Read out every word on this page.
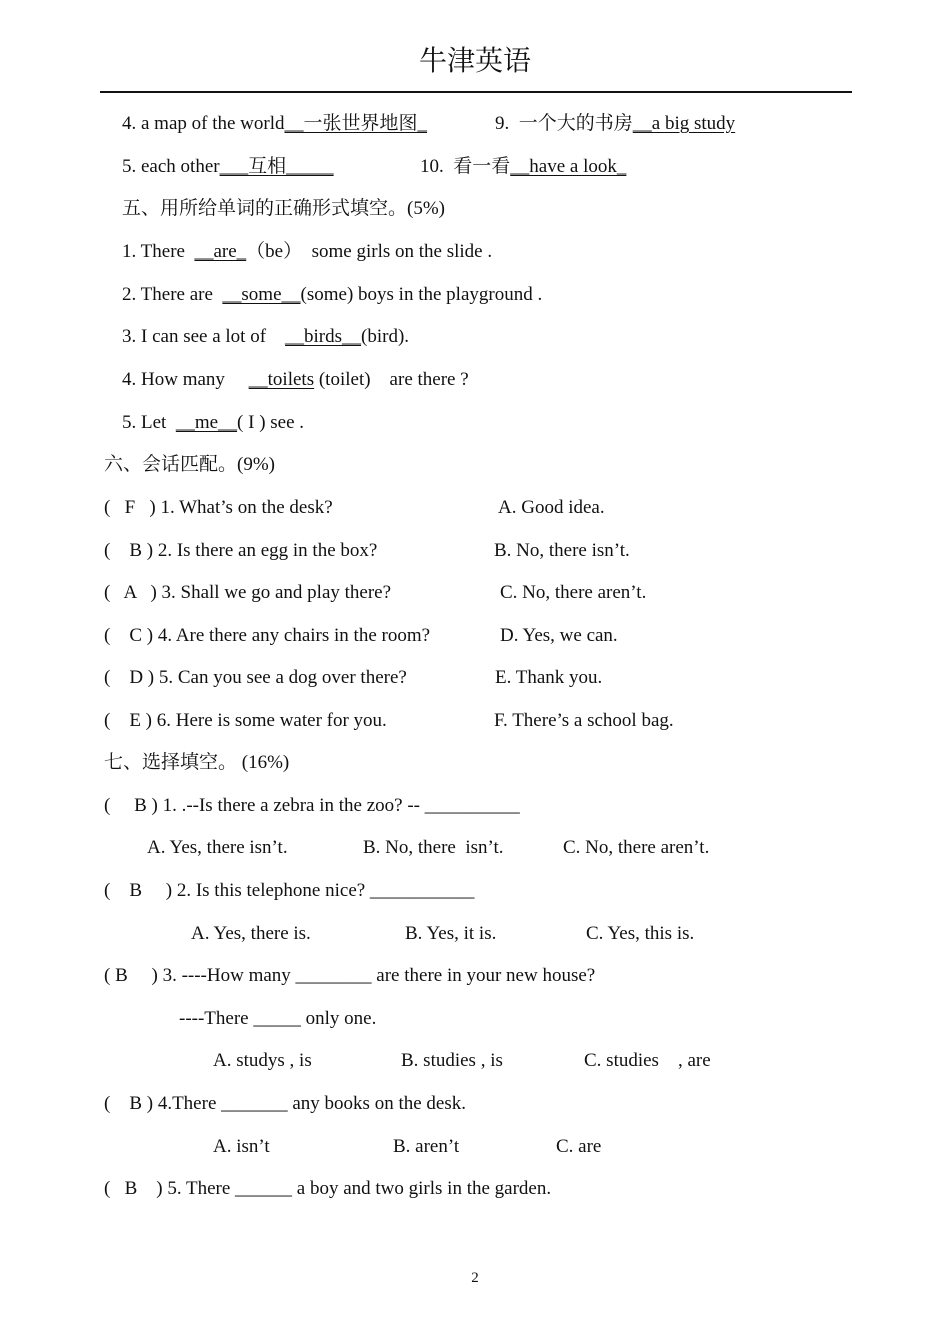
牛津英语
4. a map of the world__一张世界地图_	9.  一个大的书房__a big study
5. each other___互相_____	10.  看一看__have a look_
五、用所给单词的正确形式填空。(5%)
1. There  __are_（be）  some girls on the slide .
2. There are  __some__(some) boys in the playground .
3. I can see a lot of    __birds__(bird).
4. How many     __toilets (toilet)    are there ?
5. Let  __me__( I ) see .
六、会话匹配。(9%)
(   F   ) 1. What’s on the desk?	A. Good idea.
(    B ) 2. Is there an egg in the box?	B. No, there isn’t.
(   A   ) 3. Shall we go and play there?	C. No, there aren’t.
(    C ) 4. Are there any chairs in the room?	D. Yes, we can.
(    D ) 5. Can you see a dog over there?	E. Thank you.
(    E ) 6. Here is some water for you.	F. There’s a school bag.
七、选择填空。 (16%)
(     B ) 1. .--Is there a zebra in the zoo? -- __________
A. Yes, there isn’t.	B. No, there  isn’t.	C. No, there aren’t.
(    B     ) 2. Is this telephone nice? ___________
A. Yes, there is.	B. Yes, it is.	C. Yes, this is.
( B     ) 3. ----How many ________ are there in your new house?
----There _____ only one.
A. studys , is	B. studies , is	C. studies    , are
(    B ) 4.There _______ any books on the desk.
A. isn’t	B. aren’t	C. are
(   B    ) 5. There ______ a boy and two girls in the garden.
2
